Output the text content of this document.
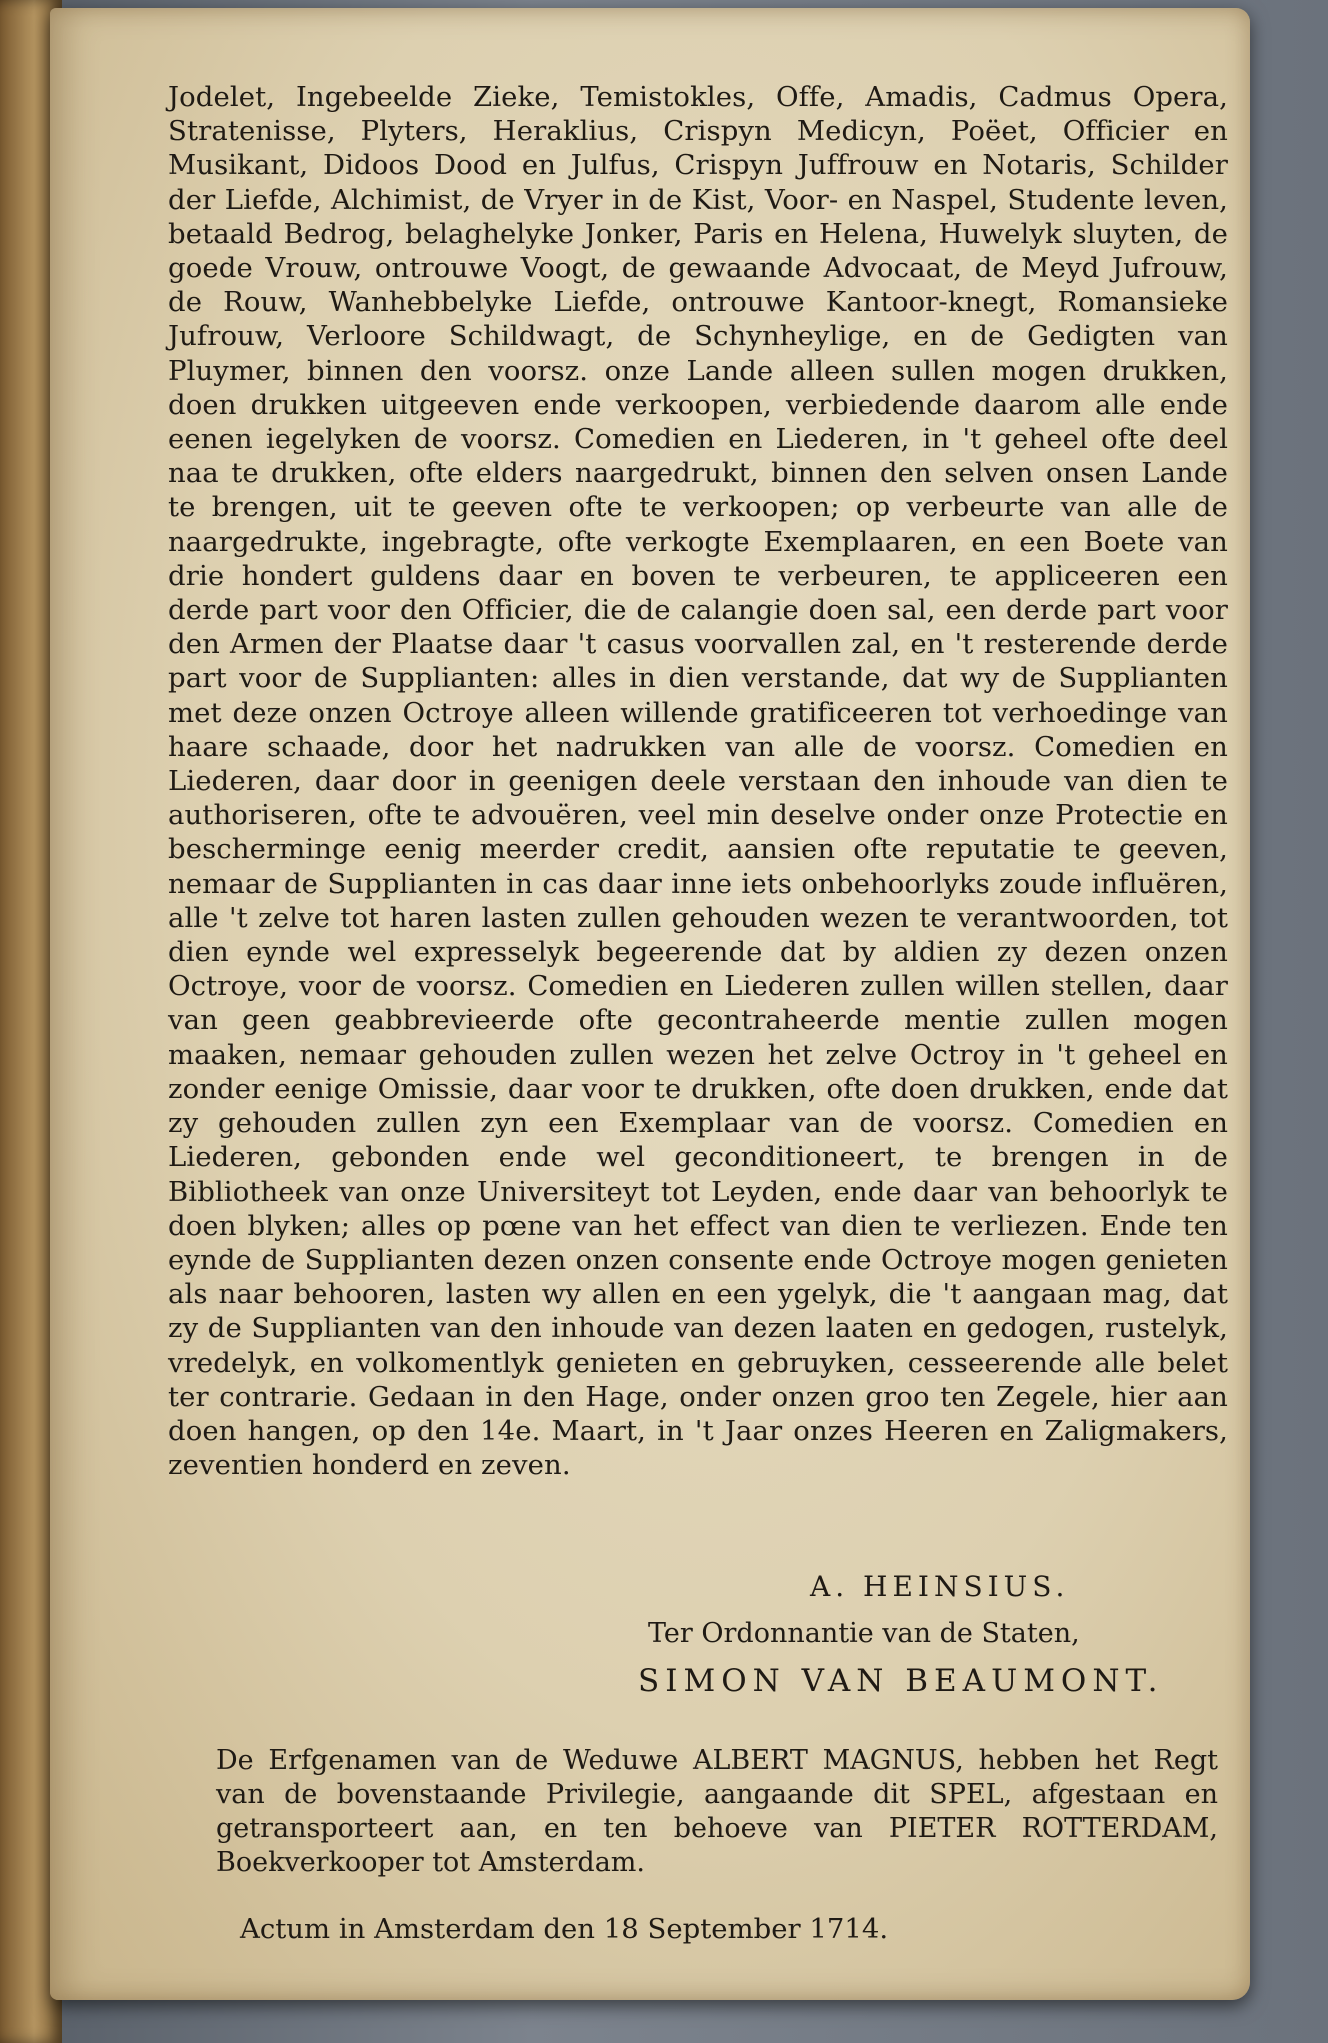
Jodelet, Ingebeelde Zieke, Temistokles, Offe, Amadis, Cadmus Opera, Stratenisse, Plyters, Heraklius, Crispyn Medicyn, Poëet, Officier en Musikant, Didoos Dood en Julfus, Crispyn Juffrouw en Notaris, Schilder der Liefde, Alchimist, de Vryer in de Kist, Voor- en Naspel, Studente leven, betaald Bedrog, belaghelyke Jonker, Paris en Helena, Huwelyk sluyten, de goede Vrouw, ontrouwe Voogt, de gewaande Advocaat, de Meyd Jufrouw, de Rouw, Wanhebbelyke Liefde, ontrouwe Kantoor-knegt, Romansieke Jufrouw, Verloore Schildwagt, de Schynheylige, en de Gedigten van Pluymer, binnen den voorsz. onze Lande alleen sullen mogen drukken, doen drukken uitgeeven ende verkoopen, verbiedende daarom alle ende eenen iegelyken de voorsz. Comedien en Liederen, in 't geheel ofte deel naa te drukken, ofte elders naargedrukt, binnen den selven onsen Lande te brengen, uit te geeven ofte te verkoopen; op verbeurte van alle de naargedrukte, ingebragte, ofte verkogte Exemplaaren, en een Boete van drie hondert guldens daar en boven te verbeuren, te appliceeren een derde part voor den Officier, die de calangie doen sal, een derde part voor den Armen der Plaatse daar 't casus voorvallen zal, en 't resterende derde part voor de Supplianten: alles in dien verstande, dat wy de Supplianten met deze onzen Octroye alleen willende gratificeeren tot verhoedinge van haare schaade, door het nadrukken van alle de voorsz. Comedien en Liederen, daar door in geenigen deele verstaan den inhoude van dien te authoriseren, ofte te advouëren, veel min deselve onder onze Protectie en bescherminge eenig meerder credit, aansien ofte reputatie te geeven, nemaar de Supplianten in cas daar inne iets onbehoorlyks zoude influëren, alle 't zelve tot haren lasten zullen gehouden wezen te verantwoorden, tot dien eynde wel expresselyk begeerende dat by aldien zy dezen onzen Octroye, voor de voorsz. Comedien en Liederen zullen willen stellen, daar van geen geabbrevieerde ofte gecontraheerde mentie zullen mogen maaken, nemaar gehouden zullen wezen het zelve Octroy in 't geheel en zonder eenige Omissie, daar voor te drukken, ofte doen drukken, ende dat zy gehouden zullen zyn een Exemplaar van de voorsz. Comedien en Liederen, gebonden ende wel geconditioneert, te brengen in de Bibliotheek van onze Universiteyt tot Leyden, ende daar van behoorlyk te doen blyken; alles op pœne van het effect van dien te verliezen. Ende ten eynde de Supplianten dezen onzen consente ende Octroye mogen genieten als naar behooren, lasten wy allen en een ygelyk, die 't aangaan mag, dat zy de Supplianten van den inhoude van dezen laaten en gedogen, rustelyk, vredelyk, en volkomentlyk genieten en gebruyken, cesseerende alle belet ter contrarie. Gedaan in den Hage, onder onzen groo ten Zegele, hier aan doen hangen, op den 14e. Maart, in 't Jaar onzes Heeren en Zaligmakers, zeventien honderd en zeven.
A. HEINSIUS.
Ter Ordonnantie van de Staten,
SIMON VAN BEAUMONT.
De Erfgenamen van de Weduwe ALBERT MAGNUS, hebben het Regt van de bovenstaande Privilegie, aangaande dit SPEL, afgestaan en getransporteert aan, en ten behoeve van PIETER ROTTERDAM, Boekverkooper tot Amsterdam.
Actum in Amsterdam den 18 September 1714.
